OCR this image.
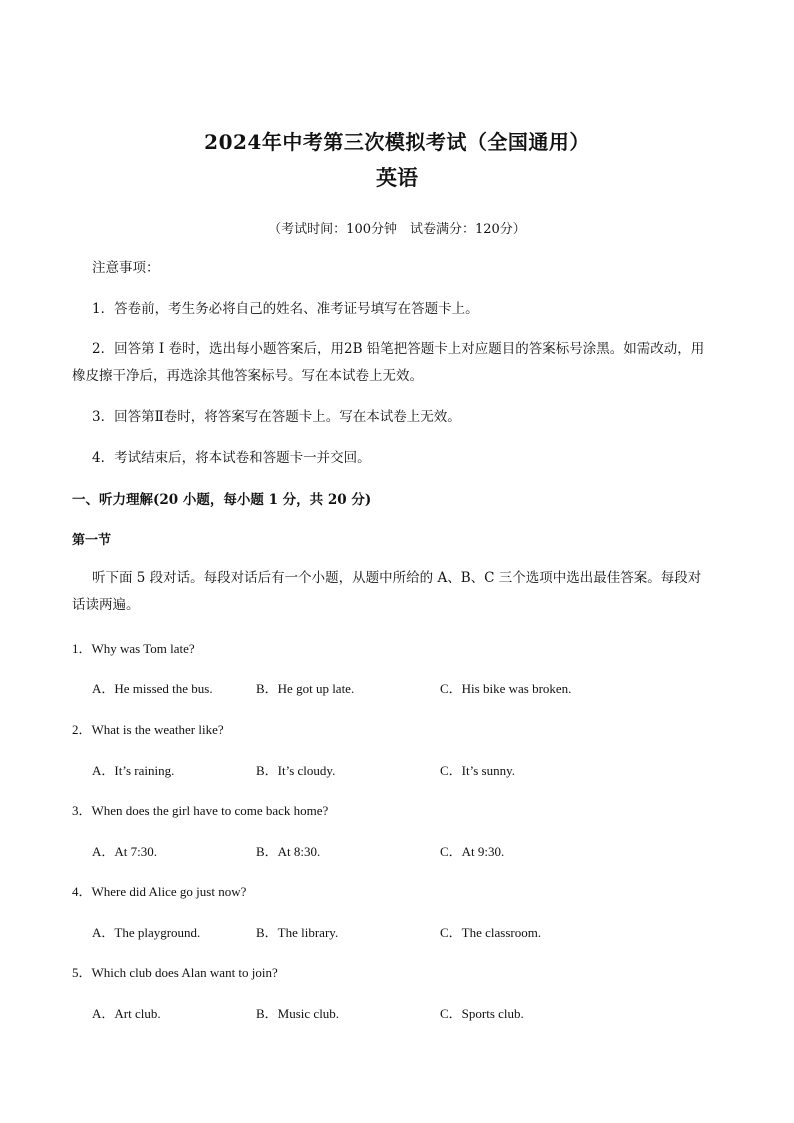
2024年中考第三次模拟考试（全国通用）
英语
（考试时间：100分钟　试卷满分：120分）
注意事项：
1．答卷前，考生务必将自己的姓名、准考证号填写在答题卡上。
2．回答第 I 卷时，选出每小题答案后，用2B 铅笔把答题卡上对应题目的答案标号涂黑。如需改动，用
橡皮擦干净后，再选涂其他答案标号。写在本试卷上无效。
3．回答第Ⅱ卷时，将答案写在答题卡上。写在本试卷上无效。
4．考试结束后，将本试卷和答题卡一并交回。
一、听力理解(20 小题，每小题 1 分，共 20 分)
第一节
听下面 5 段对话。每段对话后有一个小题，从题中所给的 A、B、C 三个选项中选出最佳答案。每段对
话读两遍。
1．Why was Tom late?
A．He missed the bus.	B．He got up late.	C．His bike was broken.
2．What is the weather like?
A．It’s raining.	B．It’s cloudy.	C．It’s sunny.
3．When does the girl have to come back home?
A．At 7:30.	B．At 8:30.	C．At 9:30.
4．Where did Alice go just now?
A．The playground.	B．The library.	C．The classroom.
5．Which club does Alan want to join?
A．Art club.	B．Music club.	C．Sports club.
